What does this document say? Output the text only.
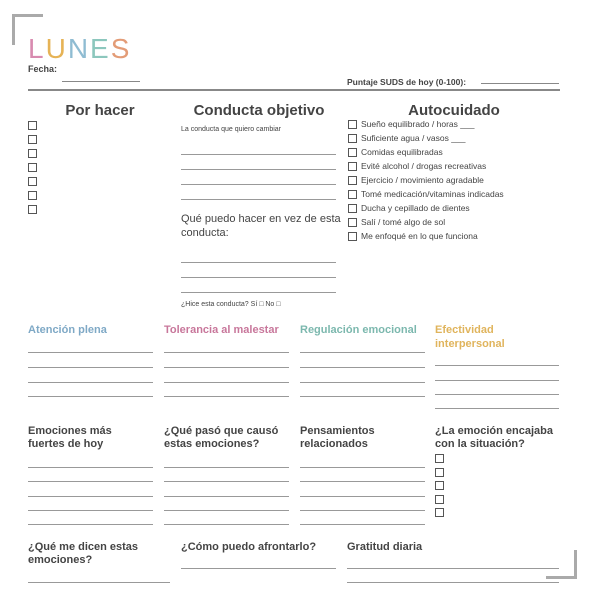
LUNES
Fecha:
Puntaje SUDS de hoy (0-100):
Por hacer	Conducta objetivo
La conducta que quiero cambiar
Qué puedo hacer en vez de esta conducta:
¿Hice esta conducta? Sí □ No □
Autocuidado
Sueño equilibrado / horas ___
Suficiente agua / vasos ___
Comidas equilibradas
Evité alcohol / drogas recreativas
Ejercicio / movimiento agradable
Tomé medicación/vitaminas indicadas
Ducha y cepillado de dientes
Salí / tomé algo de sol
Me enfoqué en lo que funciona
Atención plena	Tolerancia al malestar	Regulación emocional	Efectividad interpersonal
Emociones más fuertes de hoy
¿Qué pasó que causó estas emociones?
Pensamientos relacionados
¿La emoción encajaba con la situación?
¿Qué me dicen estas emociones?
¿Cómo puedo afrontarlo?	Gratitud diaria
